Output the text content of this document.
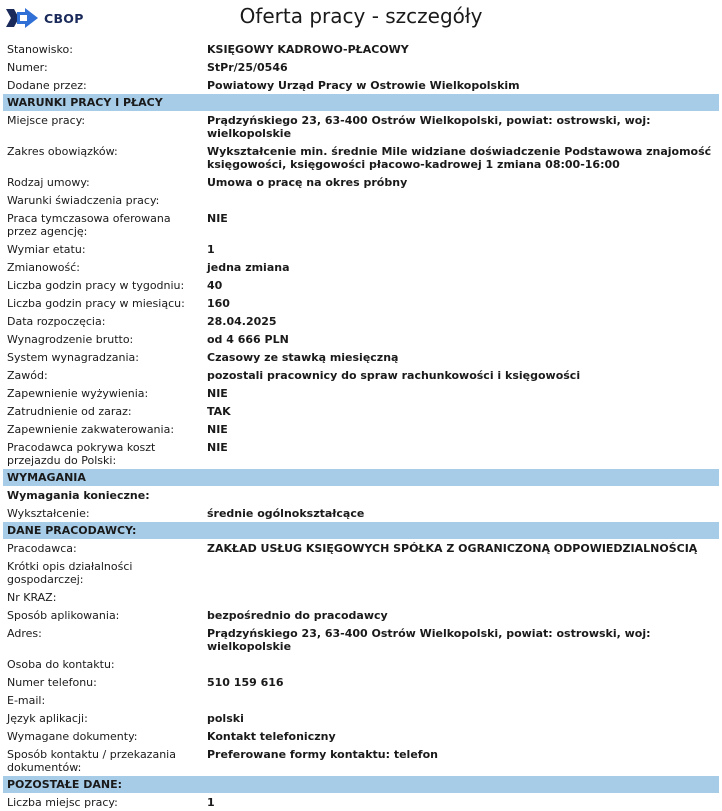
CBOP	Oferta pracy - szczegóły
Stanowisko:	KSIĘGOWY KADROWO-PŁACOWY
Numer:	StPr/25/0546
Dodane przez:	Powiatowy Urząd Pracy w Ostrowie Wielkopolskim
WARUNKI PRACY I PŁACY	
Miejsce pracy:	Prądzyńskiego 23, 63-400 Ostrów Wielkopolski, powiat: ostrowski, woj: wielkopolskie
Zakres obowiązków:	Wykształcenie min. średnie Mile widziane doświadczenie Podstawowa znajomość księgowości, księgowości płacowo-kadrowej 1 zmiana 08:00-16:00
Rodzaj umowy:	Umowa o pracę na okres próbny
Warunki świadczenia pracy:	
Praca tymczasowa oferowana przez agencję:	NIE
Wymiar etatu:	1
Zmianowość:	jedna zmiana
Liczba godzin pracy w tygodniu:	40
Liczba godzin pracy w miesiącu:	160
Data rozpoczęcia:	28.04.2025
Wynagrodzenie brutto:	od 4 666 PLN
System wynagradzania:	Czasowy ze stawką miesięczną
Zawód:	pozostali pracownicy do spraw rachunkowości i księgowości
Zapewnienie wyżywienia:	NIE
Zatrudnienie od zaraz:	TAK
Zapewnienie zakwaterowania:	NIE
Pracodawca pokrywa koszt przejazdu do Polski:	NIE
WYMAGANIA	
Wymagania konieczne:	
Wykształcenie:	średnie ogólnokształcące
DANE PRACODAWCY:	
Pracodawca:	ZAKŁAD USŁUG KSIĘGOWYCH SPÓŁKA Z OGRANICZONĄ ODPOWIEDZIALNOŚCIĄ
Krótki opis działalności gospodarczej:	
Nr KRAZ:	
Sposób aplikowania:	bezpośrednio do pracodawcy
Adres:	Prądzyńskiego 23, 63-400 Ostrów Wielkopolski, powiat: ostrowski, woj: wielkopolskie
Osoba do kontaktu:	
Numer telefonu:	510 159 616
E-mail:	
Język aplikacji:	polski
Wymagane dokumenty:	Kontakt telefoniczny
Sposób kontaktu / przekazania dokumentów:	Preferowane formy kontaktu: telefon
POZOSTAŁE DANE:	
Liczba miejsc pracy:	1
